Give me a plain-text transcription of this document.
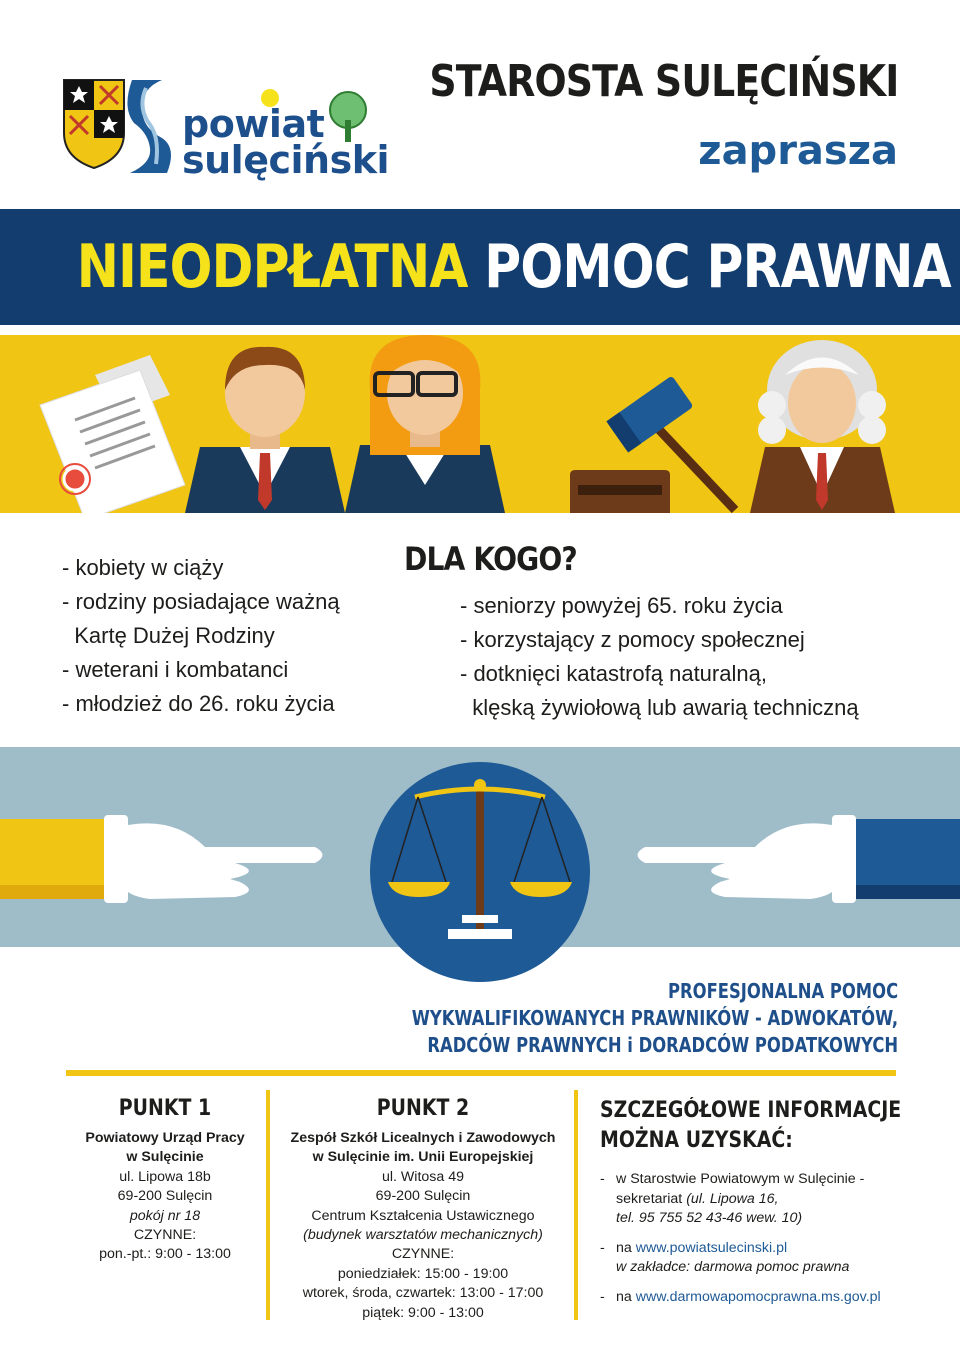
powiat
sulęciński
STAROSTA SULĘCIŃSKI
zaprasza
NIEODPŁATNA POMOC PRAWNA
DLA KOGO?
- kobiety w ciąży
- rodziny posiadające ważną
Kartę Dużej Rodziny
- weterani i kombatanci
- młodzież do 26. roku życia
- seniorzy powyżej 65. roku życia
- korzystający z pomocy społecznej
- dotknięci katastrofą naturalną,
klęską żywiołową lub awarią techniczną
PROFESJONALNA POMOC
WYKWALIFIKOWANYCH PRAWNIKÓW - ADWOKATÓW,
RADCÓW PRAWNYCH i DORADCÓW PODATKOWYCH
PUNKT 1
Powiatowy Urząd Pracy
w Sulęcinie
ul. Lipowa 18b
69-200 Sulęcin
pokój nr 18
CZYNNE:
pon.-pt.: 9:00 - 13:00
PUNKT 2
Zespół Szkół Licealnych i Zawodowych
w Sulęcinie im. Unii Europejskiej
ul. Witosa 49
69-200 Sulęcin
Centrum Kształcenia Ustawicznego
(budynek warsztatów mechanicznych)
CZYNNE:
poniedziałek: 15:00 - 19:00
wtorek, środa, czwartek: 13:00 - 17:00
piątek: 9:00 - 13:00
SZCZEGÓŁOWE INFORMACJE
MOŻNA UZYSKAĆ:
- w Starostwie Powiatowym w Sulęcinie -
sekretariat (ul. Lipowa 16,
tel. 95 755 52 43-46 wew. 10)
- na www.powiatsulecinski.pl
w zakładce: darmowa pomoc prawna
- na www.darmowapomocprawna.ms.gov.pl
